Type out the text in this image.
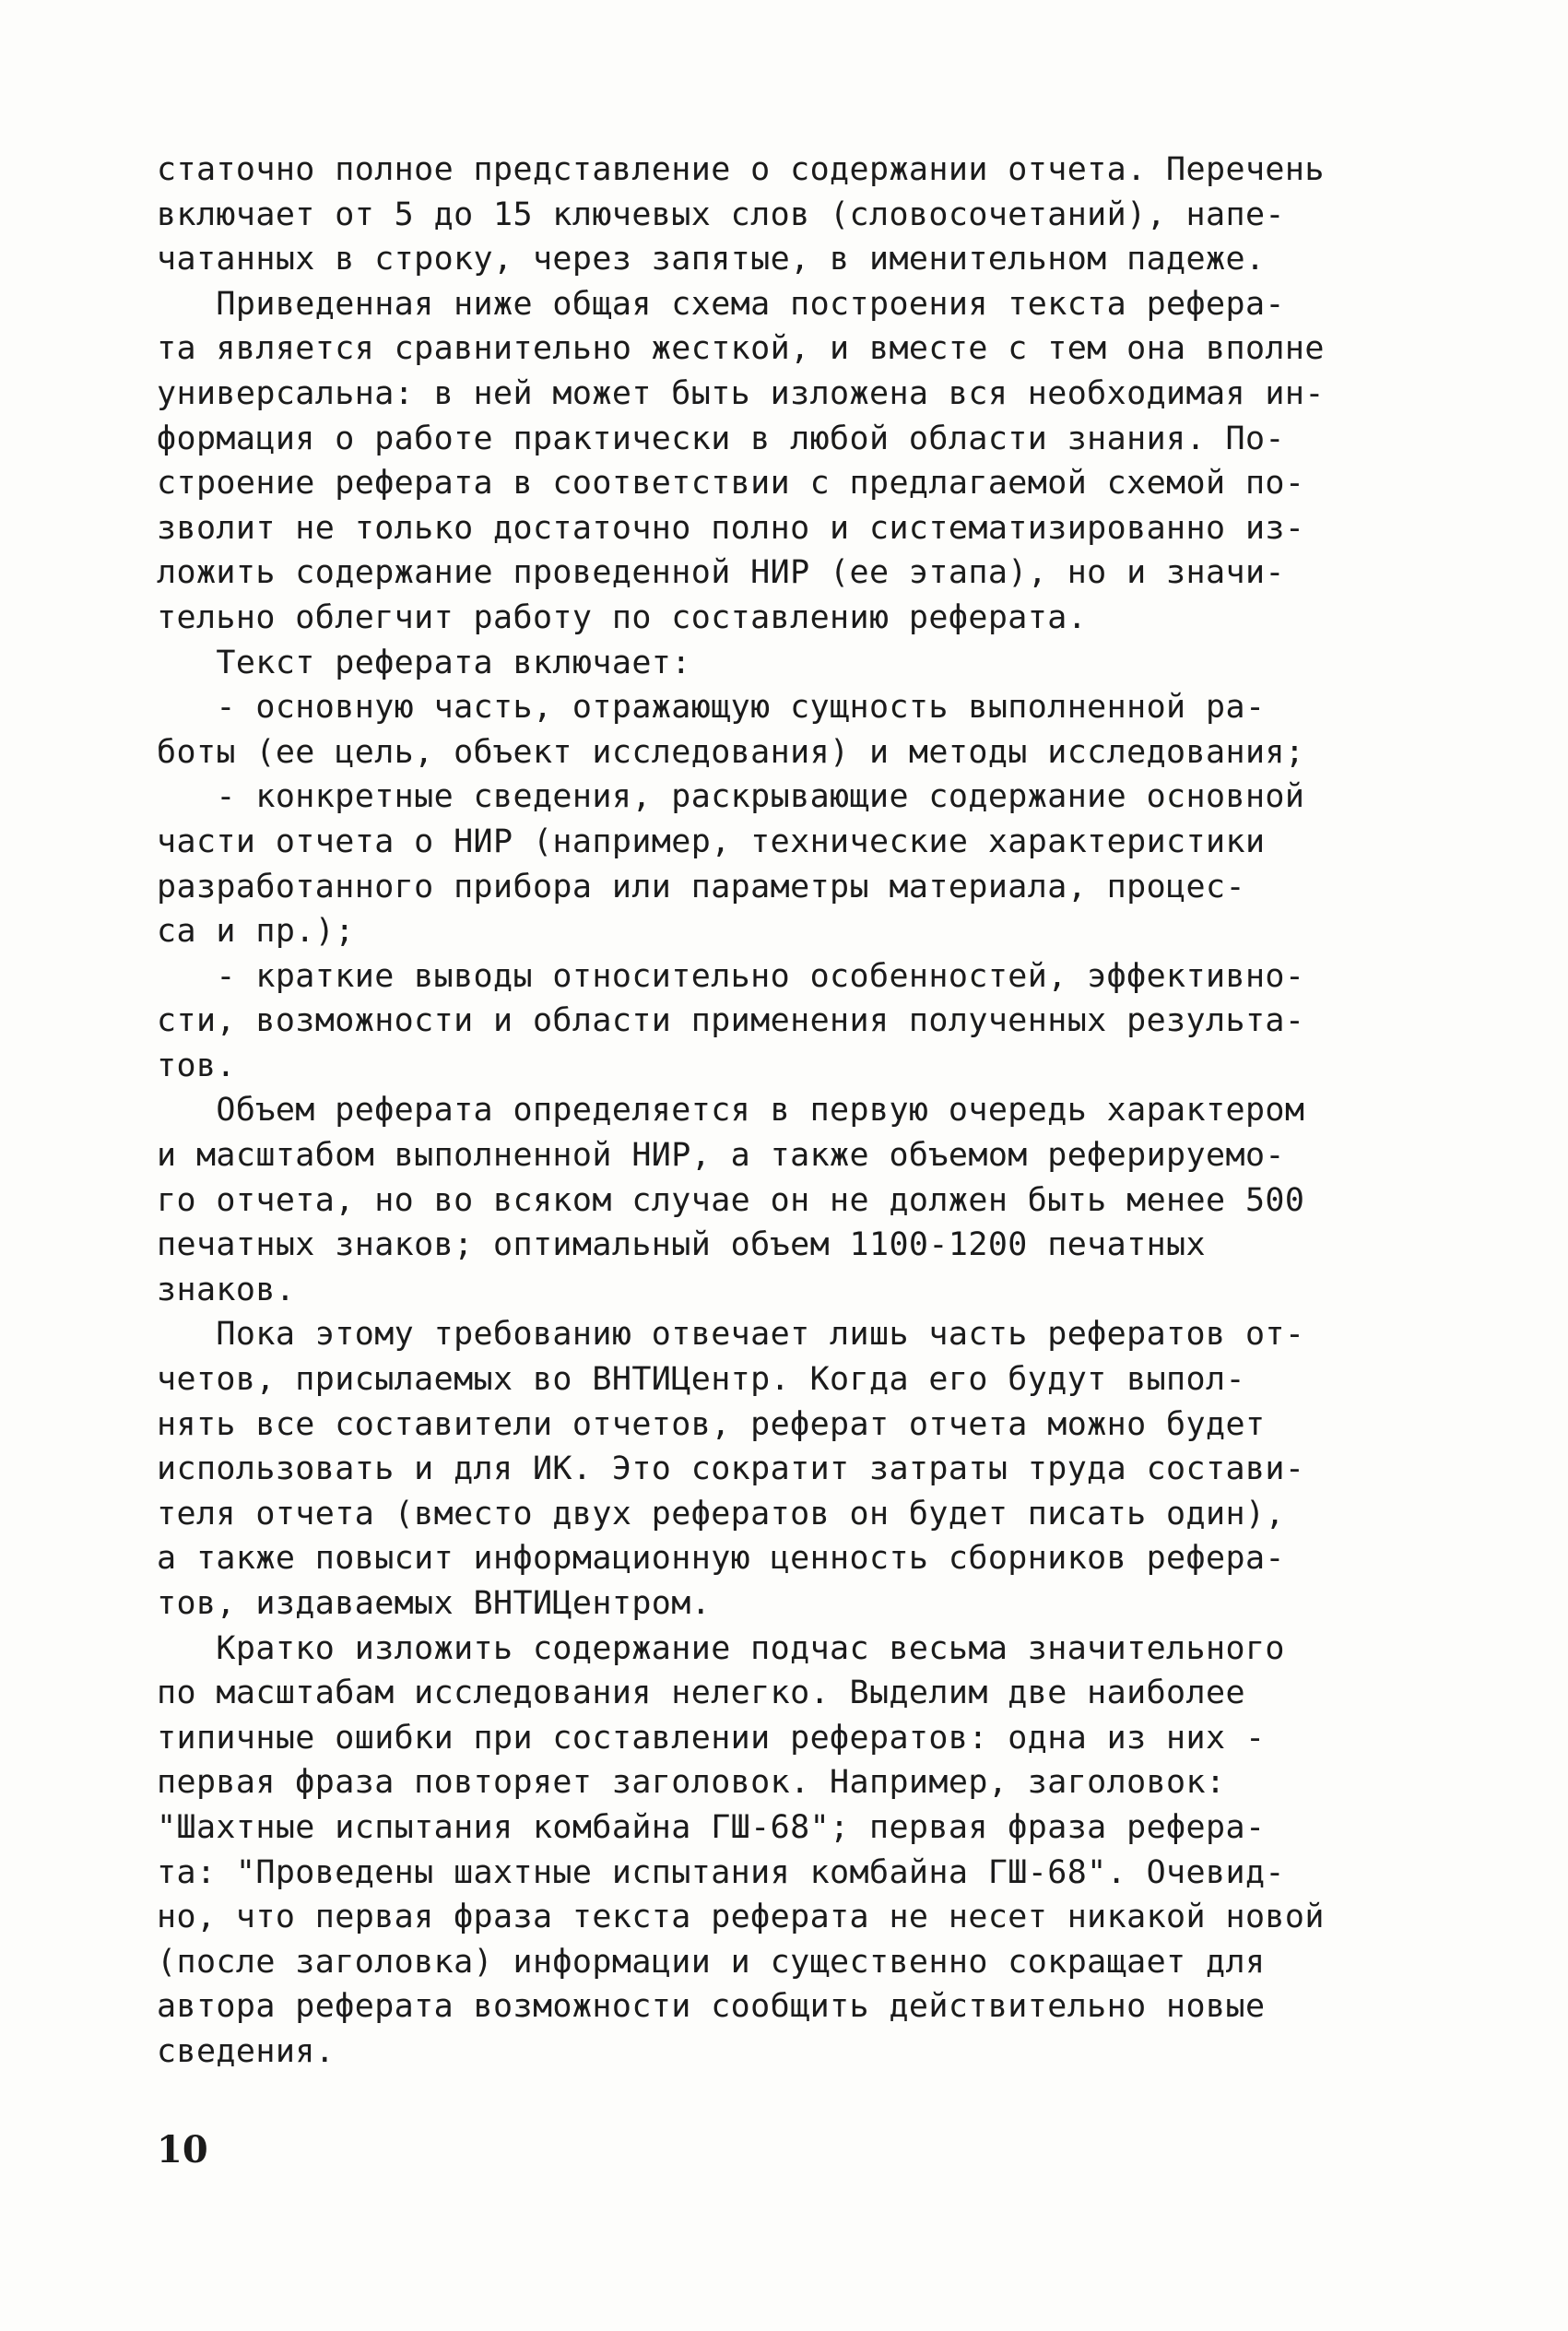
статочно полное представление о содержании отчета. Перечень
включает от 5 до 15 ключевых слов (словосочетаний), напе-
чатанных в строку, через запятые, в именительном падеже.
Приведенная ниже общая схема построения текста рефера-
та является сравнительно жесткой, и вместе с тем она вполне
универсальна: в ней может быть изложена вся необходимая ин-
формация о работе практически в любой области знания. По-
строение реферата в соответствии с предлагаемой схемой по-
зволит не только достаточно полно и систематизированно из-
ложить содержание проведенной НИР (ее этапа), но и значи-
тельно облегчит работу по составлению реферата.
Текст реферата включает:
- основную часть, отражающую сущность выполненной ра-
боты (ее цель, объект исследования) и методы исследования;
- конкретные сведения, раскрывающие содержание основной
части отчета о НИР (например, технические характеристики
разработанного прибора или параметры материала, процес-
са и пр.);
- краткие выводы относительно особенностей, эффективно-
сти, возможности и области применения полученных результа-
тов.
Объем реферата определяется в первую очередь характером
и масштабом выполненной НИР, а также объемом реферируемо-
го отчета, но во всяком случае он не должен быть менее 500
печатных знаков; оптимальный объем 1100-1200 печатных
знаков.
Пока этому требованию отвечает лишь часть рефератов от-
четов, присылаемых во ВНТИЦентр. Когда его будут выпол-
нять все составители отчетов, реферат отчета можно будет
использовать и для ИК. Это сократит затраты труда состави-
теля отчета (вместо двух рефератов он будет писать один),
а также повысит информационную ценность сборников рефера-
тов, издаваемых ВНТИЦентром.
Кратко изложить содержание подчас весьма значительного
по масштабам исследования нелегко. Выделим две наиболее
типичные ошибки при составлении рефератов: одна из них -
первая фраза повторяет заголовок. Например, заголовок:
"Шахтные испытания комбайна ГШ-68"; первая фраза рефера-
та: "Проведены шахтные испытания комбайна ГШ-68". Очевид-
но, что первая фраза текста реферата не несет никакой новой
(после заголовка) информации и существенно сокращает для
автора реферата возможности сообщить действительно новые
сведения.
10
